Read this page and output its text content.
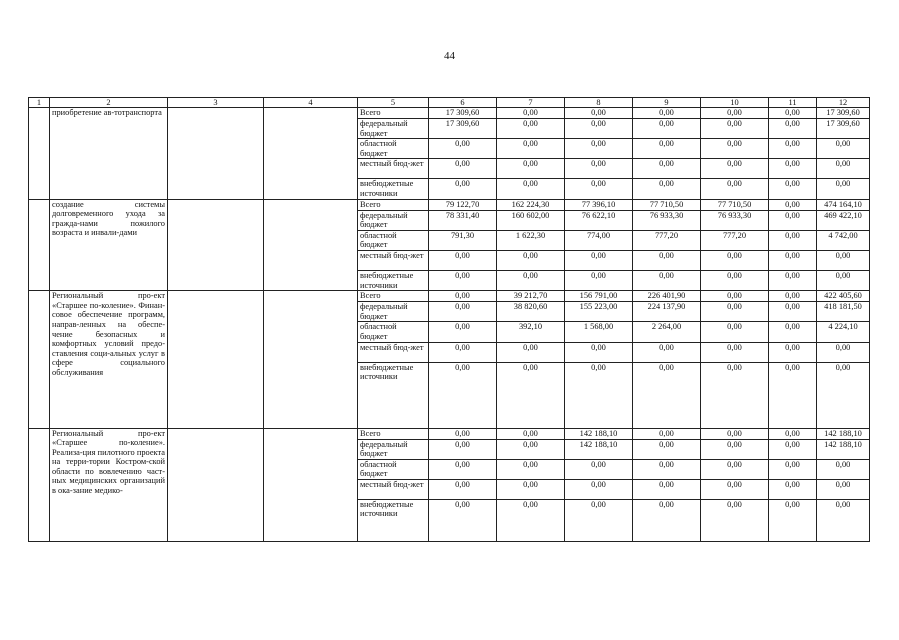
44
1	2	3	4	5	6	7	8	9	10	11	12
	приобретение ав-тотранспорта			Всего	17 309,60	0,00	0,00	0,00	0,00	0,00	17 309,60
				федеральный бюджет	17 309,60	0,00	0,00	0,00	0,00	0,00	17 309,60
				областной бюджет	0,00	0,00	0,00	0,00	0,00	0,00	0,00
				местный бюд-жет	0,00	0,00	0,00	0,00	0,00	0,00	0,00
				внебюджетные источники	0,00	0,00	0,00	0,00	0,00	0,00	0,00
	создание системы долговременного ухода за гражда-нами пожилого возраста и инвали-дами			Всего	79 122,70	162 224,30	77 396,10	77 710,50	77 710,50	0,00	474 164,10
				федеральный бюджет	78 331,40	160 602,00	76 622,10	76 933,30	76 933,30	0,00	469 422,10
				областной бюджет	791,30	1 622,30	774,00	777,20	777,20	0,00	4 742,00
				местный бюд-жет	0,00	0,00	0,00	0,00	0,00	0,00	0,00
				внебюджетные источники	0,00	0,00	0,00	0,00	0,00	0,00	0,00
	Региональный про-ект «Старшее по-коление». Финан-совое обеспечение программ, направ-ленных на обеспе-чение безопасных и комфортных условий предо-ставления соци-альных услуг в сфере социального обслуживания			Всего	0,00	39 212,70	156 791,00	226 401,90	0,00	0,00	422 405,60
				федеральный бюджет	0,00	38 820,60	155 223,00	224 137,90	0,00	0,00	418 181,50
				областной бюджет	0,00	392,10	1 568,00	2 264,00	0,00	0,00	4 224,10
				местный бюд-жет	0,00	0,00	0,00	0,00	0,00	0,00	0,00
				внебюджетные источники	0,00	0,00	0,00	0,00	0,00	0,00	0,00
	Региональный про-ект «Старшее по-коление». Реализа-ция пилотного проекта на терри-тории Костром-ской области по вовлечению част-ных медицинских организаций в ока-зание медико-			Всего	0,00	0,00	142 188,10	0,00	0,00	0,00	142 188,10
				федеральный бюджет	0,00	0,00	142 188,10	0,00	0,00	0,00	142 188,10
				областной бюджет	0,00	0,00	0,00	0,00	0,00	0,00	0,00
				местный бюд-жет	0,00	0,00	0,00	0,00	0,00	0,00	0,00
				внебюджетные источники	0,00	0,00	0,00	0,00	0,00	0,00	0,00
